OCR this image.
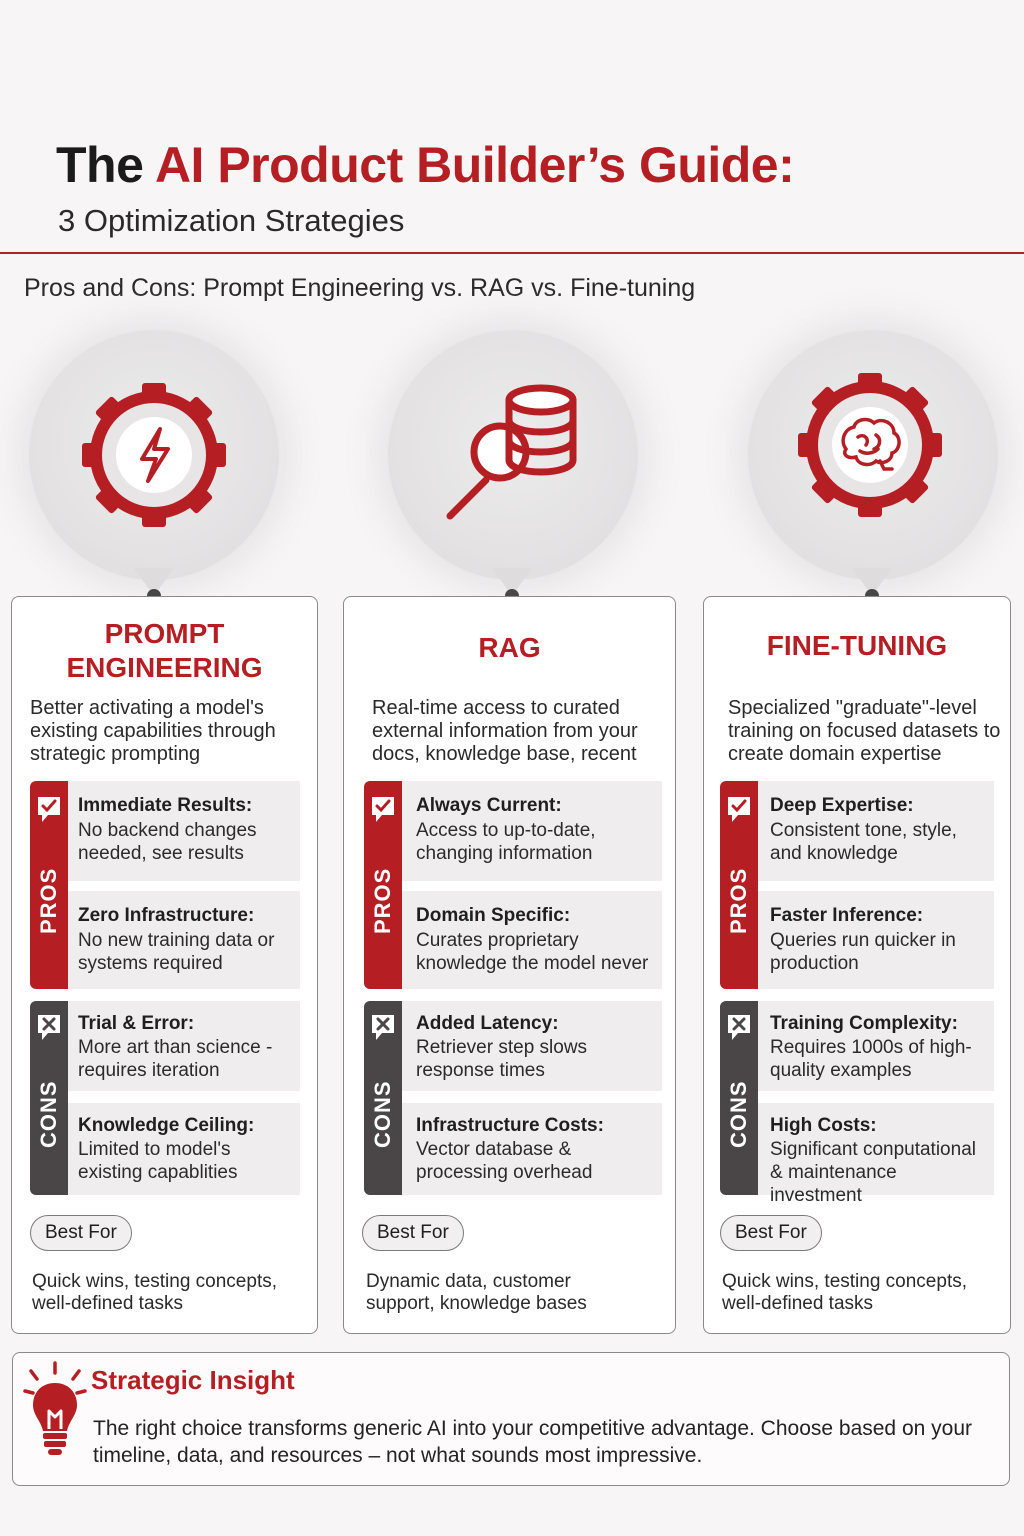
The AI Product Builder’s Guide:
3 Optimization Strategies
Pros and Cons: Prompt Engineering vs. RAG vs. Fine-tuning
PROMPT
ENGINEERING
Better activating a model's existing capabilities through strategic prompting
PROS
Immediate Results:
No backend changes needed, see results
Zero Infrastructure:
No new training data or systems required
CONS
Trial & Error:
More art than science - requires iteration
Knowledge Ceiling:
Limited to model's existing capablities
Best For
Quick wins, testing concepts, well-defined tasks
RAG
Real-time access to curated external information from your docs, knowledge base, recent
PROS
Always Current:
Access to up-to-date, changing information
Domain Specific:
Curates proprietary knowledge the model never
CONS
Added Latency:
Retriever step slows response times
Infrastructure Costs:
Vector database & processing overhead
Best For
Dynamic data, customer support, knowledge bases
FINE-TUNING
Specialized "graduate"-level training on focused datasets to create domain expertise
PROS
Deep Expertise:
Consistent tone, style, and knowledge
Faster Inference:
Queries run quicker in production
CONS
Training Complexity:
Requires 1000s of high-quality examples
High Costs:
Significant conputational & maintenance investment
Best For
Quick wins, testing concepts, well-defined tasks
Strategic Insight
The right choice transforms generic AI into your competitive advantage. Choose based on your timeline, data, and resources – not what sounds most impressive.
